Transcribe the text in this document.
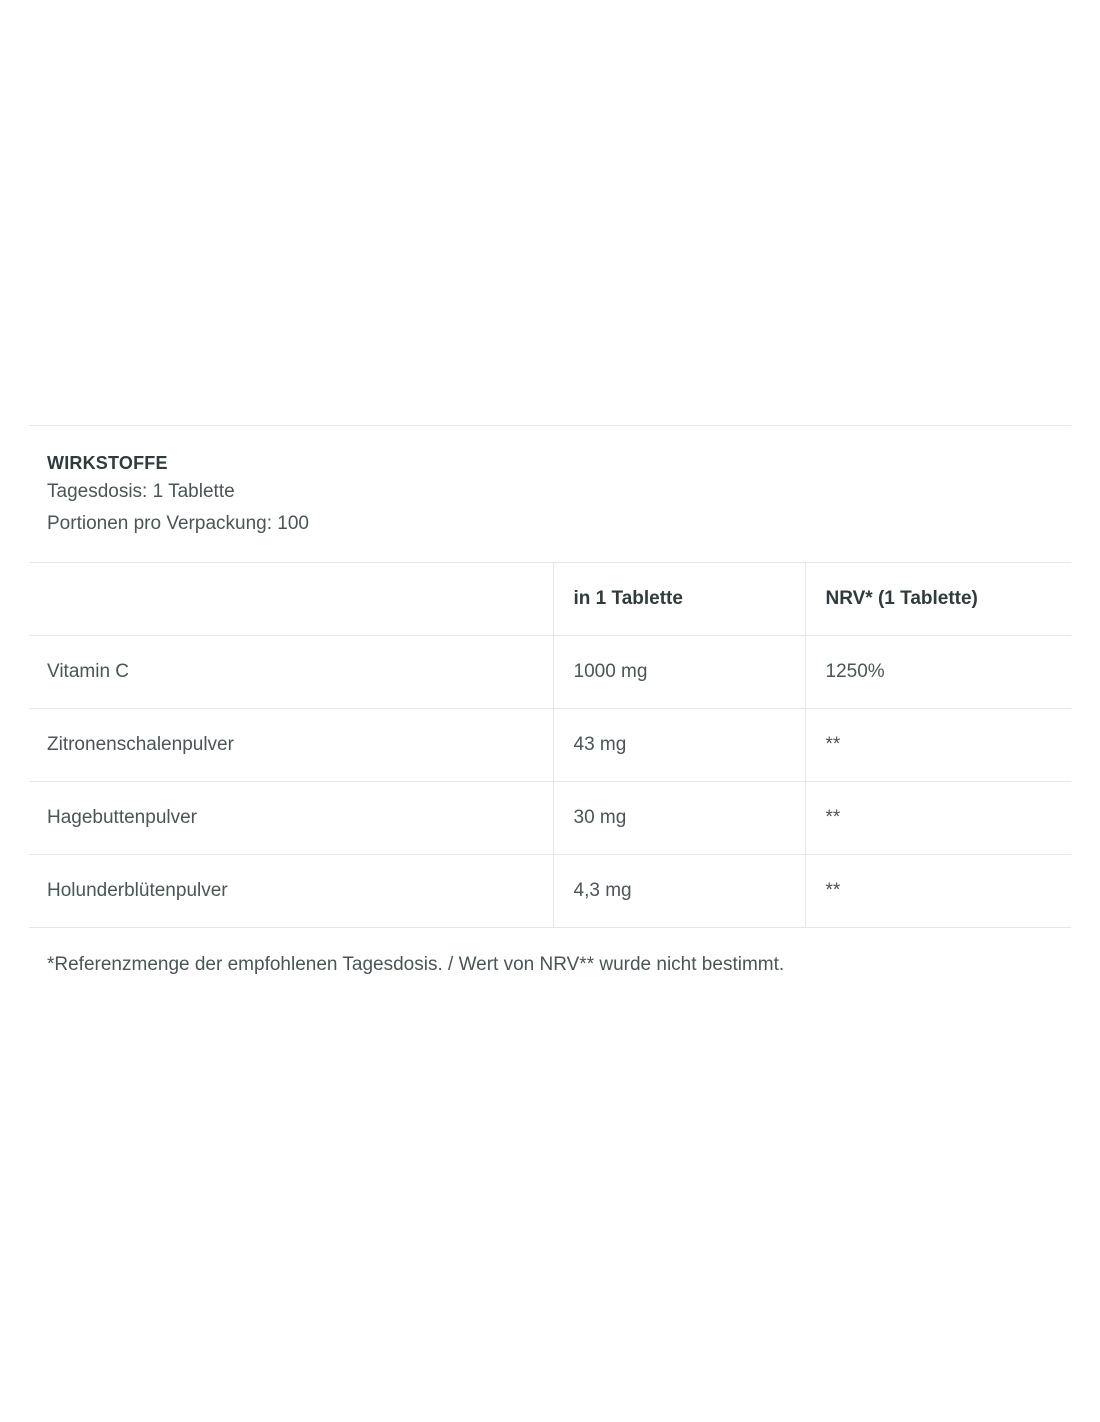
WIRKSTOFFE
Tagesdosis: 1 Tablette
Portionen pro Verpackung: 100
	in 1 Tablette	NRV* (1 Tablette)
Vitamin C	1000 mg	1250%
Zitronenschalenpulver	43 mg	**
Hagebuttenpulver	30 mg	**
Holunderblütenpulver	4,3 mg	**
*Referenzmenge der empfohlenen Tagesdosis. / Wert von NRV** wurde nicht bestimmt.
